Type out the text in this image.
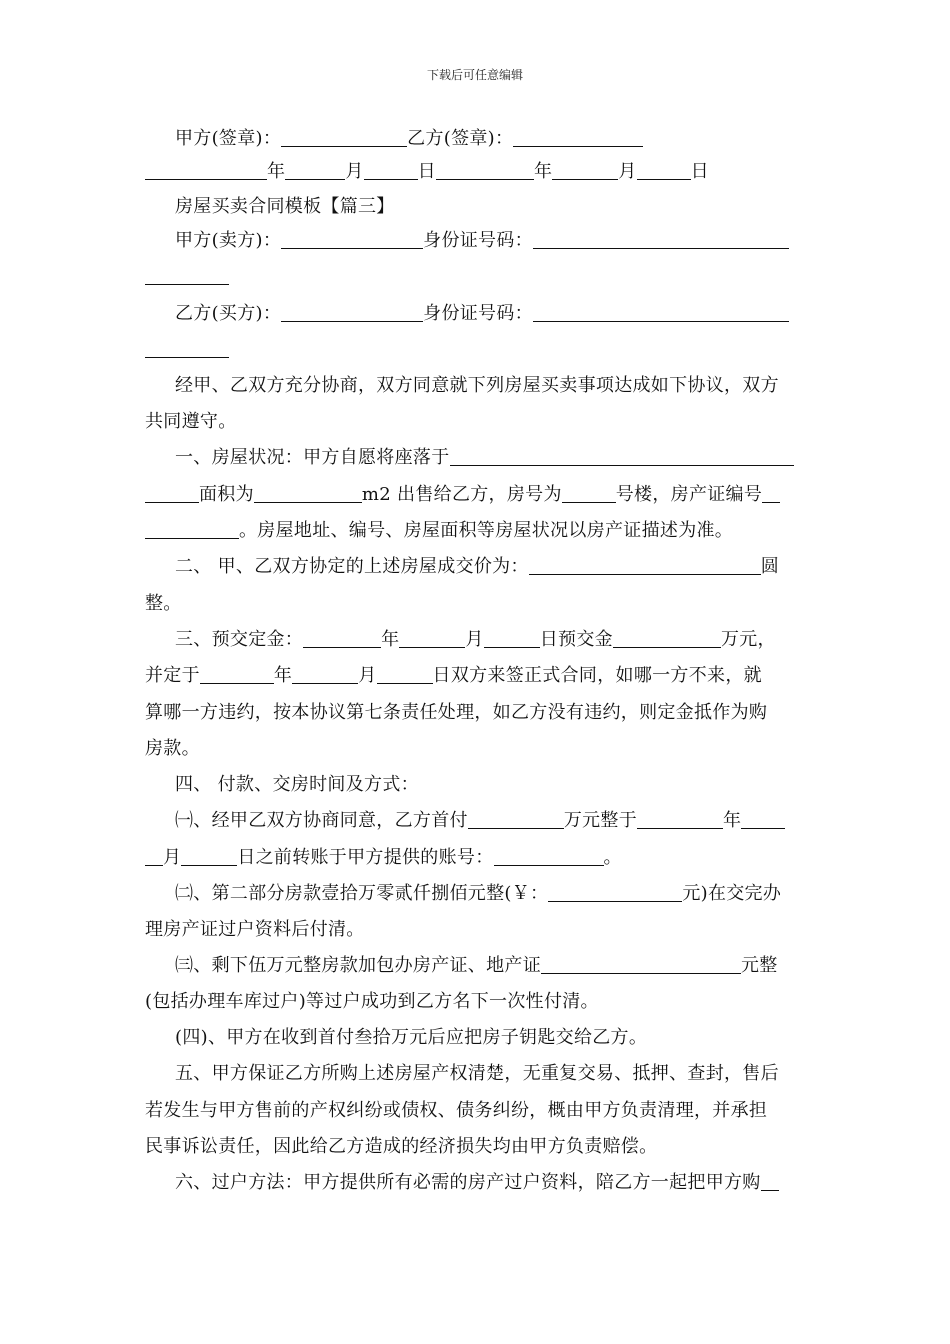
下载后可任意编辑
甲方(签章)：	乙方(签章)：
年	月	日	年	月	日
房屋买卖合同模板【篇三】
甲方(卖方)：	身份证号码：
乙方(买方)：	身份证号码：
经甲、乙双方充分协商，双方同意就下列房屋买卖事项达成如下协议，双方
共同遵守。
一、房屋状况：甲方自愿将座落于
面积为	m2 出售给乙方，房号为	号楼，房产证编号
。房屋地址、编号、房屋面积等房屋状况以房产证描述为准。
二、 甲、乙双方协定的上述房屋成交价为：	圆
整。
三、预交定金：	年	月	日预交金	万元，
并定于	年	月	日双方来签正式合同，如哪一方不来，就
算哪一方违约，按本协议第七条责任处理，如乙方没有违约，则定金抵作为购
房款。
四、 付款、交房时间及方式：
㈠、经甲乙双方协商同意，乙方首付	万元整于	年
月	日之前转账于甲方提供的账号：	。
㈡、第二部分房款壹拾万零贰仟捌佰元整(￥：	元)在交完办
理房产证过户资料后付清。
㈢、剩下伍万元整房款加包办房产证、地产证	元整
(包括办理车库过户)等过户成功到乙方名下一次性付清。
(四)、甲方在收到首付叁拾万元后应把房子钥匙交给乙方。
五、甲方保证乙方所购上述房屋产权清楚，无重复交易、抵押、查封，售后
若发生与甲方售前的产权纠纷或债权、债务纠纷，概由甲方负责清理，并承担
民事诉讼责任，因此给乙方造成的经济损失均由甲方负责赔偿。
六、过户方法：甲方提供所有必需的房产过户资料，陪乙方一起把甲方购
